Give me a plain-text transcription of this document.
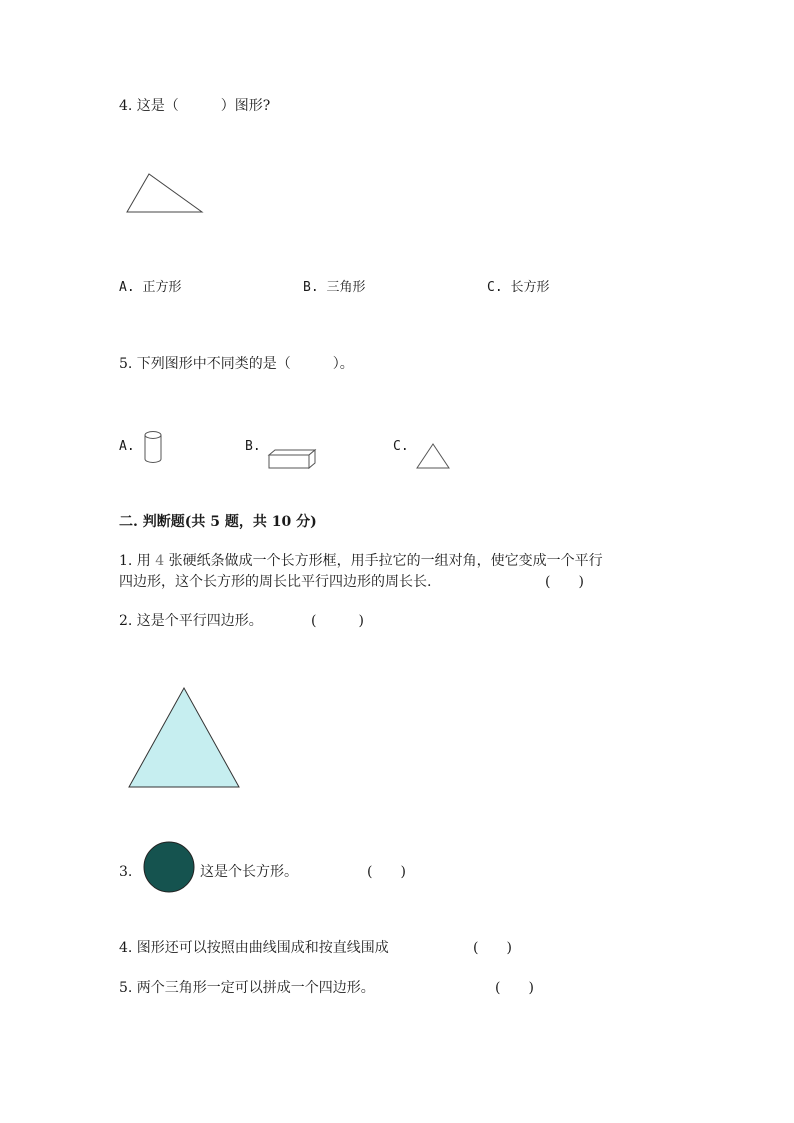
4. 这是（　　　）图形?
A. 正方形	B. 三角形	C. 长方形
5. 下列图形中不同类的是（　　　）。
A.	B.	C.
二. 判断题(共 5 题，共 10 分)
1. 用 4 张硬纸条做成一个长方形框，用手拉它的一组对角，使它变成一个平行
四边形，这个长方形的周长比平行四边形的周长长.	(　　)
2. 这是个平行四边形。	(　　　)
3.	这是个长方形。	(　　)
4. 图形还可以按照由曲线围成和按直线围成	(　　)
5. 两个三角形一定可以拼成一个四边形。	(　　)
